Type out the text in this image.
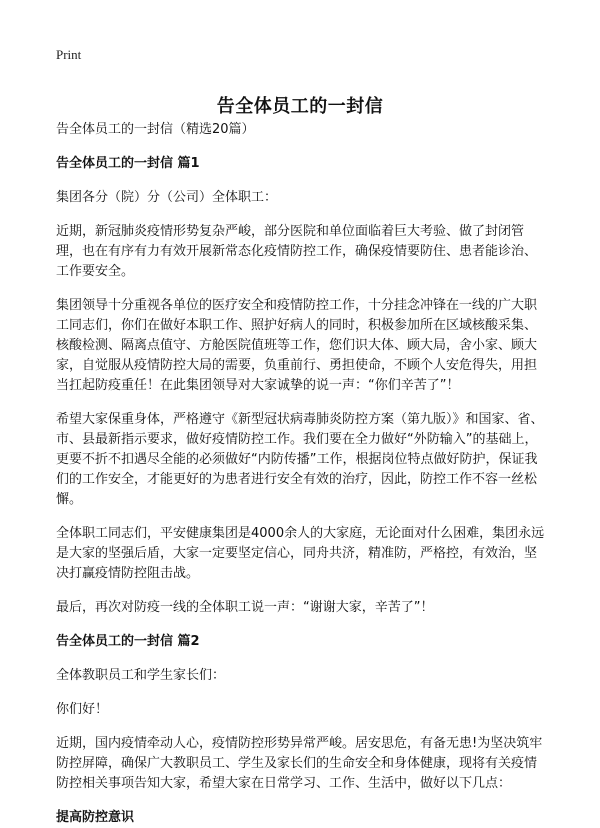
Print
告全体员工的一封信

告全体员工的一封信（精选20篇）

告全体员工的一封信 篇1

集团各分（院）分（公司）全体职工：

近期，新冠肺炎疫情形势复杂严峻，部分医院和单位面临着巨大考验、做了封闭管理，也在有序有力有效开展新常态化疫情防控工作，确保疫情要防住、患者能诊治、工作要安全。

集团领导十分重视各单位的医疗安全和疫情防控工作，十分挂念冲锋在一线的广大职工同志们，你们在做好本职工作、照护好病人的同时，积极参加所在区域核酸采集、核酸检测、隔离点值守、方舱医院值班等工作，您们识大体、顾大局，舍小家、顾大家，自觉服从疫情防控大局的需要，负重前行、勇担使命，不顾个人安危得失，用担当扛起防疫重任！在此集团领导对大家诚挚的说一声：“你们辛苦了”！

希望大家保重身体，严格遵守《新型冠状病毒肺炎防控方案（第九版）》和国家、省、市、县最新指示要求，做好疫情防控工作。我们要在全力做好“外防输入”的基础上，更要不折不扣遇尽全能的必须做好“内防传播”工作，根据岗位特点做好防护，保证我们的工作安全，才能更好的为患者进行安全有效的治疗，因此，防控工作不容一丝松懈。

全体职工同志们，平安健康集团是4000余人的大家庭，无论面对什么困难，集团永远是大家的坚强后盾，大家一定要坚定信心，同舟共济，精准防，严格控，有效治，坚决打赢疫情防控阻击战。

最后，再次对防疫一线的全体职工说一声：“谢谢大家，辛苦了”！

告全体员工的一封信 篇2

全体教职员工和学生家长们：

你们好！

近期，国内疫情牵动人心，疫情防控形势异常严峻。居安思危，有备无患!为坚决筑牢防控屏障，确保广大教职员工、学生及家长们的生命安全和身体健康，现将有关疫情防控相关事项告知大家，希望大家在日常学习、工作、生活中，做好以下几点：

提高防控意识
